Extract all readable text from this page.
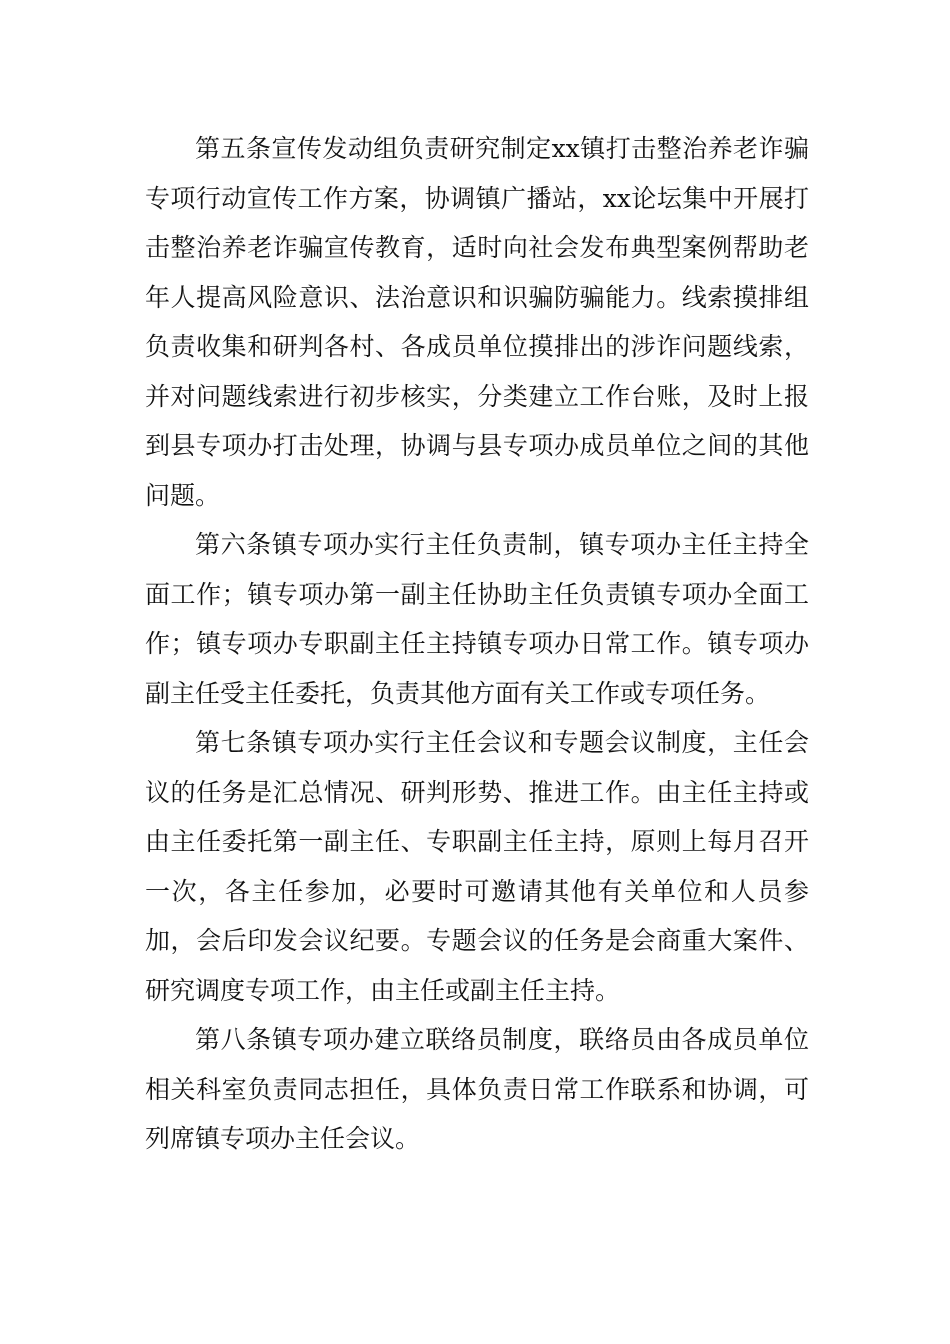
第五条宣传发动组负责研究制定xx镇打击整治养老诈骗专项行动宣传工作方案，协调镇广播站，xx论坛集中开展打击整治养老诈骗宣传教育，适时向社会发布典型案例帮助老年人提高风险意识、法治意识和识骗防骗能力。线索摸排组负责收集和研判各村、各成员单位摸排出的涉诈问题线索，并对问题线索进行初步核实，分类建立工作台账，及时上报到县专项办打击处理，协调与县专项办成员单位之间的其他问题。

第六条镇专项办实行主任负责制，镇专项办主任主持全面工作；镇专项办第一副主任协助主任负责镇专项办全面工作；镇专项办专职副主任主持镇专项办日常工作。镇专项办副主任受主任委托，负责其他方面有关工作或专项任务。

第七条镇专项办实行主任会议和专题会议制度，主任会议的任务是汇总情况、研判形势、推进工作。由主任主持或由主任委托第一副主任、专职副主任主持，原则上每月召开一次，各主任参加，必要时可邀请其他有关单位和人员参加，会后印发会议纪要。专题会议的任务是会商重大案件、研究调度专项工作，由主任或副主任主持。

第八条镇专项办建立联络员制度，联络员由各成员单位相关科室负责同志担任，具体负责日常工作联系和协调，可列席镇专项办主任会议。
